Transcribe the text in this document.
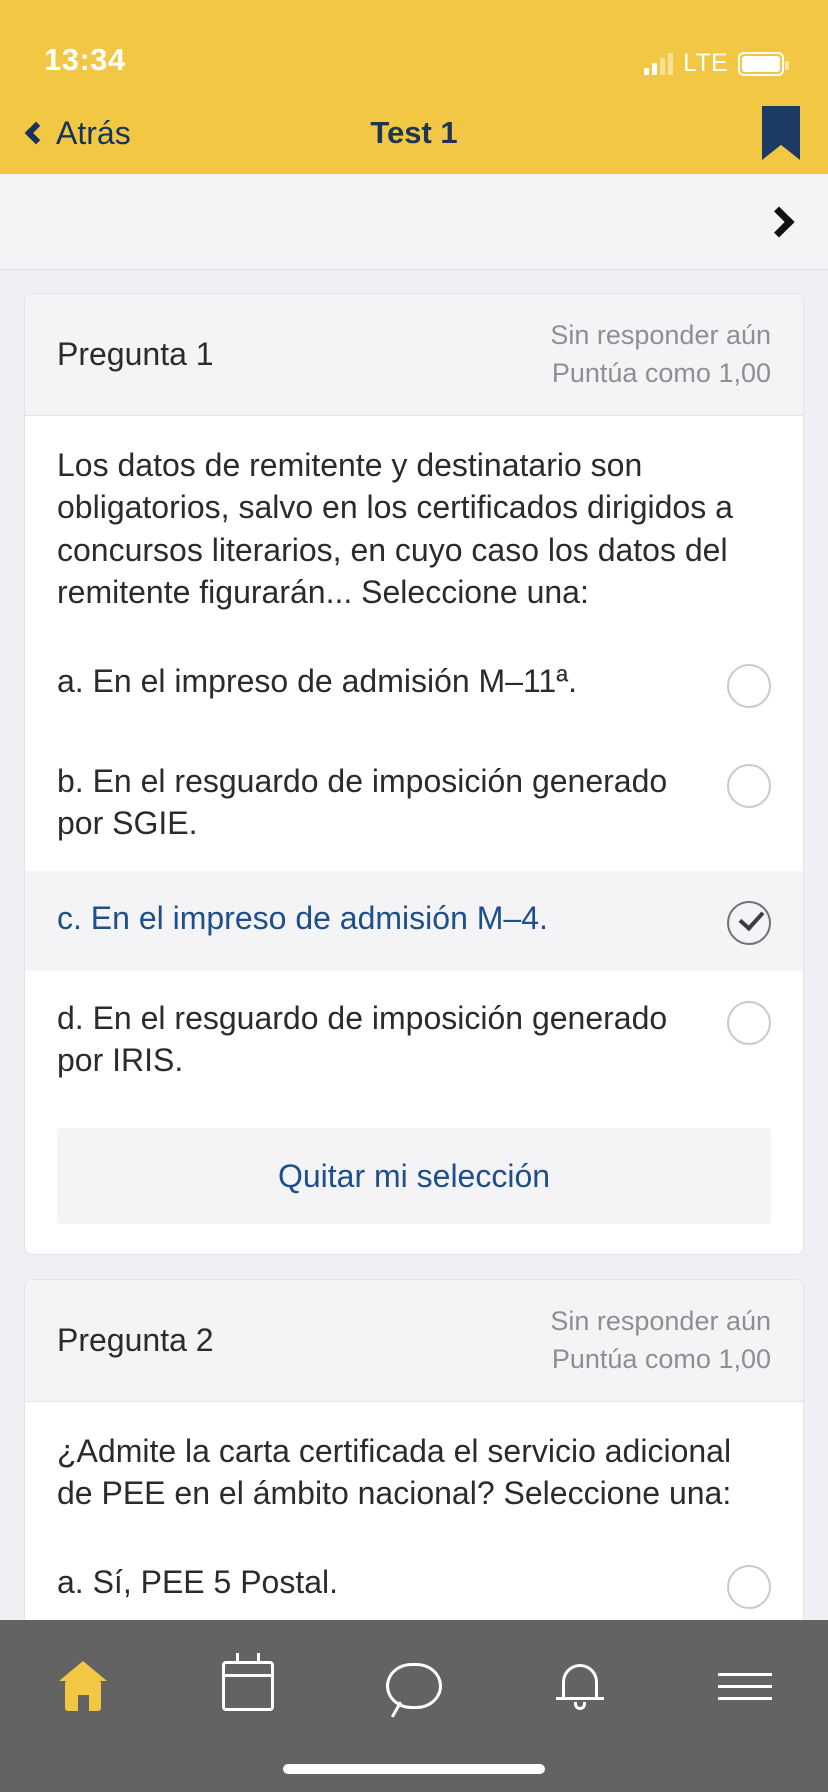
13:34	LTE
Atrás	Test 1
Pregunta 1
Sin responder aún
Puntúa como 1,00
Los datos de remitente y destinatario son obligatorios, salvo en los certificados dirigidos a concursos literarios, en cuyo caso los datos del remitente figurarán... Seleccione una:
a. En el impreso de admisión M–11ª.
b. En el resguardo de imposición generado por SGIE.
c. En el impreso de admisión M–4.
d. En el resguardo de imposición generado por IRIS.
Quitar mi selección
Pregunta 2
Sin responder aún
Puntúa como 1,00
¿Admite la carta certificada el servicio adicional de PEE en el ámbito nacional? Seleccione una:
a. Sí, PEE 5 Postal.
